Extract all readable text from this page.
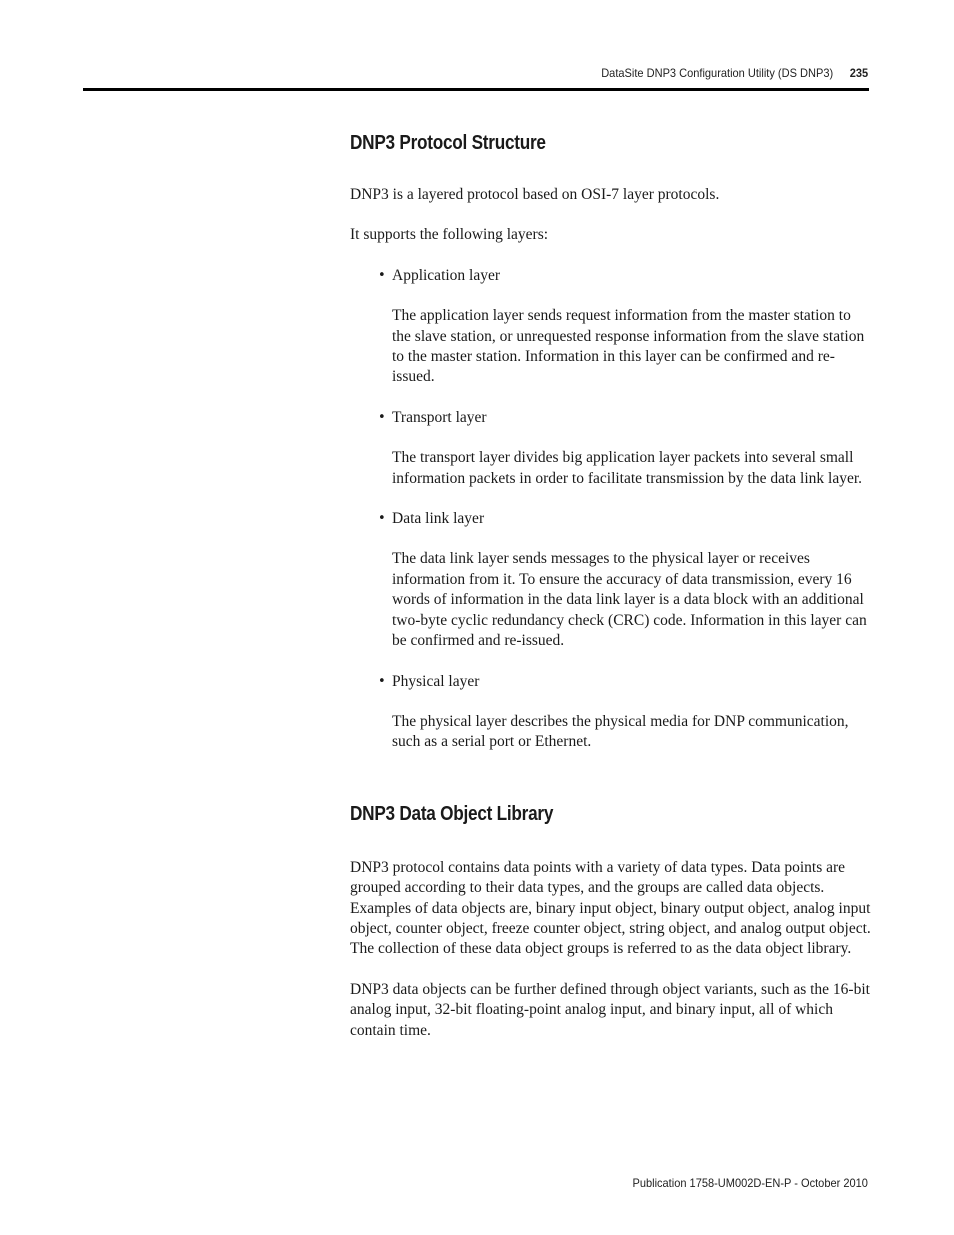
DataSite DNP3 Configuration Utility (DS DNP3) 235
DNP3 Protocol Structure

DNP3 is a layered protocol based on OSI-7 layer protocols.

It supports the following layers:

• Application layer

The application layer sends request information from the master station to the slave station, or unrequested response information from the slave station to the master station. Information in this layer can be confirmed and re-issued.

• Transport layer

The transport layer divides big application layer packets into several small information packets in order to facilitate transmission by the data link layer.

• Data link layer

The data link layer sends messages to the physical layer or receives information from it. To ensure the accuracy of data transmission, every 16 words of information in the data link layer is a data block with an additional two-byte cyclic redundancy check (CRC) code. Information in this layer can be confirmed and re-issued.

• Physical layer

The physical layer describes the physical media for DNP communication, such as a serial port or Ethernet.

DNP3 Data Object Library

DNP3 protocol contains data points with a variety of data types. Data points are grouped according to their data types, and the groups are called data objects. Examples of data objects are, binary input object, binary output object, analog input object, counter object, freeze counter object, string object, and analog output object. The collection of these data object groups is referred to as the data object library.

DNP3 data objects can be further defined through object variants, such as the 16-bit analog input, 32-bit floating-point analog input, and binary input, all of which contain time.

Publication 1758-UM002D-EN-P - October 2010
